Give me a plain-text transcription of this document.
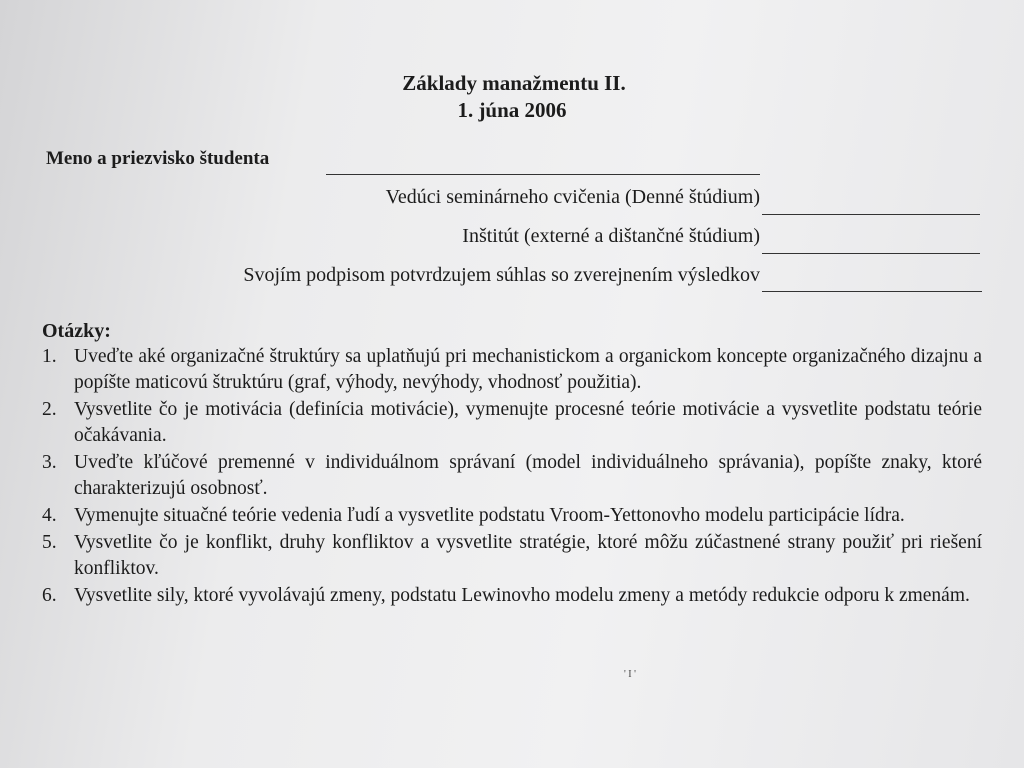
Základy manažmentu II.
1. júna 2006
Meno a priezvisko študenta
Vedúci seminárneho cvičenia (Denné štúdium)
Inštitút (externé a dištančné štúdium)
Svojím podpisom potvrdzujem súhlas so zverejnením výsledkov
Otázky:
1. Uveďte aké organizačné štruktúry sa uplatňujú pri mechanistickom a organickom koncepte organizačného dizajnu a popíšte maticovú štruktúru (graf, výhody, nevýhody, vhodnosť použitia).
2. Vysvetlite čo je motivácia (definícia motivácie), vymenujte procesné teórie motivácie a vysvetlite podstatu teórie očakávania.
3. Uveďte kľúčové premenné v individuálnom správaní (model individuálneho správania), popíšte znaky, ktoré charakterizujú osobnosť.
4. Vymenujte situačné teórie vedenia ľudí a vysvetlite podstatu Vroom-Yettonovho modelu participácie lídra.
5. Vysvetlite čo je konflikt, druhy konfliktov a vysvetlite stratégie, ktoré môžu zúčastnené strany použiť pri riešení konfliktov.
6. Vysvetlite sily, ktoré vyvolávajú zmeny, podstatu Lewinovho modelu zmeny a metódy redukcie odporu k zmenám.
' I '
